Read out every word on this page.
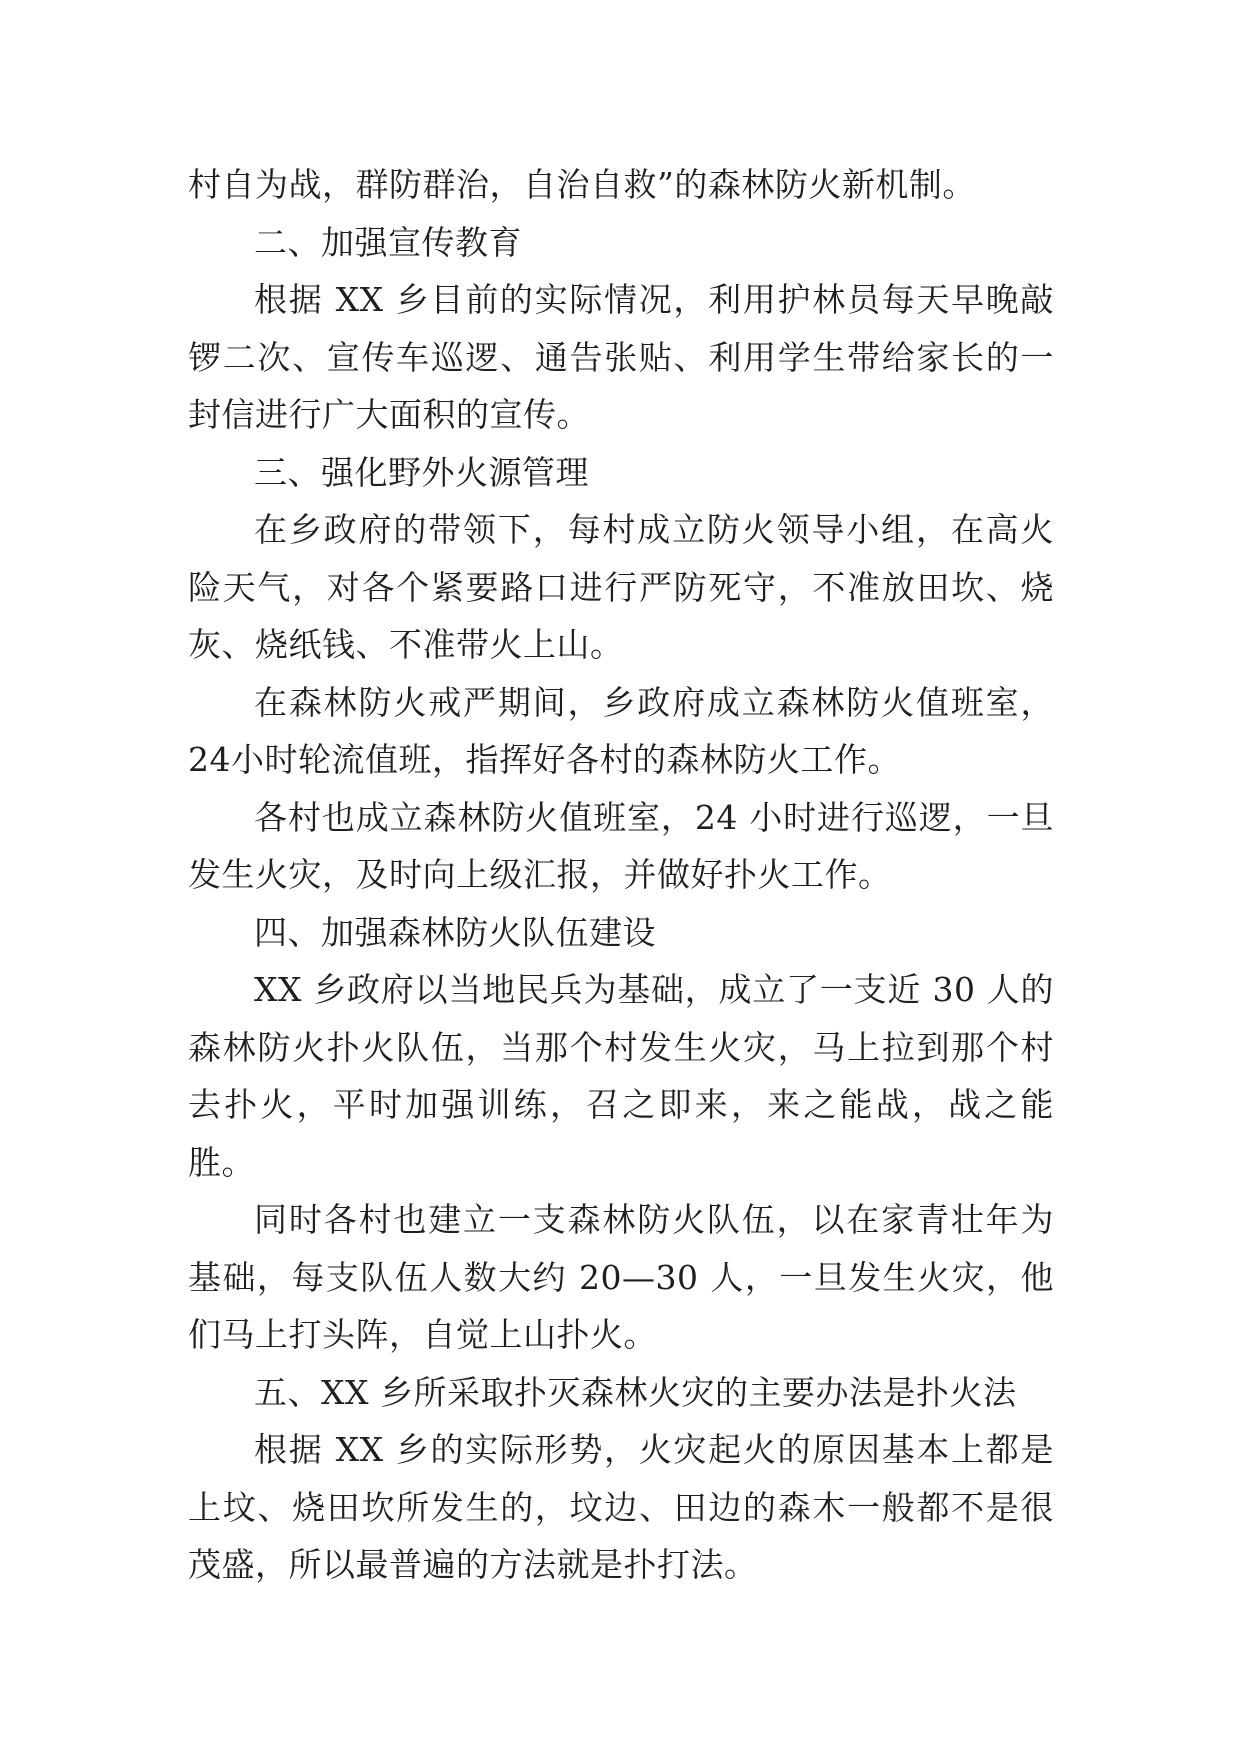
村自为战，群防群治，自治自救”的森林防火新机制。

二、加强宣传教育

根据 XX 乡目前的实际情况，利用护林员每天早晚敲锣二次、宣传车巡逻、通告张贴、利用学生带给家长的一封信进行广大面积的宣传。

三、强化野外火源管理

在乡政府的带领下，每村成立防火领导小组，在高火险天气，对各个紧要路口进行严防死守，不准放田坎、烧灰、烧纸钱、不准带火上山。

在森林防火戒严期间，乡政府成立森林防火值班室，24小时轮流值班，指挥好各村的森林防火工作。

各村也成立森林防火值班室，24 小时进行巡逻，一旦发生火灾，及时向上级汇报，并做好扑火工作。

四、加强森林防火队伍建设

XX 乡政府以当地民兵为基础，成立了一支近 30 人的森林防火扑火队伍，当那个村发生火灾，马上拉到那个村去扑火，平时加强训练，召之即来，来之能战，战之能胜。

同时各村也建立一支森林防火队伍，以在家青壮年为基础，每支队伍人数大约 20—30 人，一旦发生火灾，他们马上打头阵，自觉上山扑火。

五、XX 乡所采取扑灭森林火灾的主要办法是扑火法

根据 XX 乡的实际形势，火灾起火的原因基本上都是上坟、烧田坎所发生的，坟边、田边的森木一般都不是很茂盛，所以最普遍的方法就是扑打法。
